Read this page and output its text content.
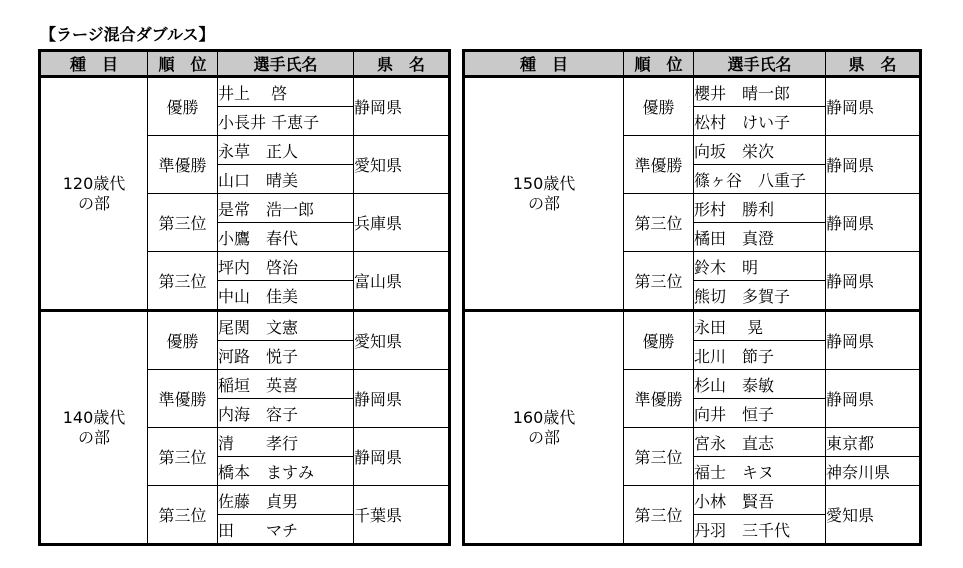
【ラージ混合ダブルス】
種　目	順　位	選手氏名	県　名

120歳代
の部	優勝	井上　 啓	静岡県
		小長井 千恵子	
	準優勝	永草　正人	愛知県
		山口　晴美	
	第三位	是常　浩一郎	兵庫県
		小鷹　春代	
	第三位	坪内　啓治	富山県
		中山　佳美	

140歳代
の部	優勝	尾関　文憲	愛知県
		河路　悦子	
	準優勝	稲垣　英喜	静岡県
		内海　容子	
	第三位	清　　孝行	静岡県
		橋本　ますみ	
	第三位	佐藤　貞男	千葉県
		田　　マチ	
種　目	順　位	選手氏名	県　名

150歳代
の部	優勝	櫻井　晴一郎	静岡県
		松村　けい子	
	準優勝	向坂　栄次	静岡県
		篠ヶ谷　八重子	
	第三位	形村　勝利	静岡県
		橘田　真澄	
	第三位	鈴木　明	静岡県
		熊切　多賀子	

160歳代
の部	優勝	永田　 晃	静岡県
		北川　節子	
	準優勝	杉山　泰敏	静岡県
		向井　恒子	
	第三位	宮永　直志	東京都
		福士　キヌ	神奈川県
	第三位	小林　賢吾	愛知県
		丹羽　三千代	
